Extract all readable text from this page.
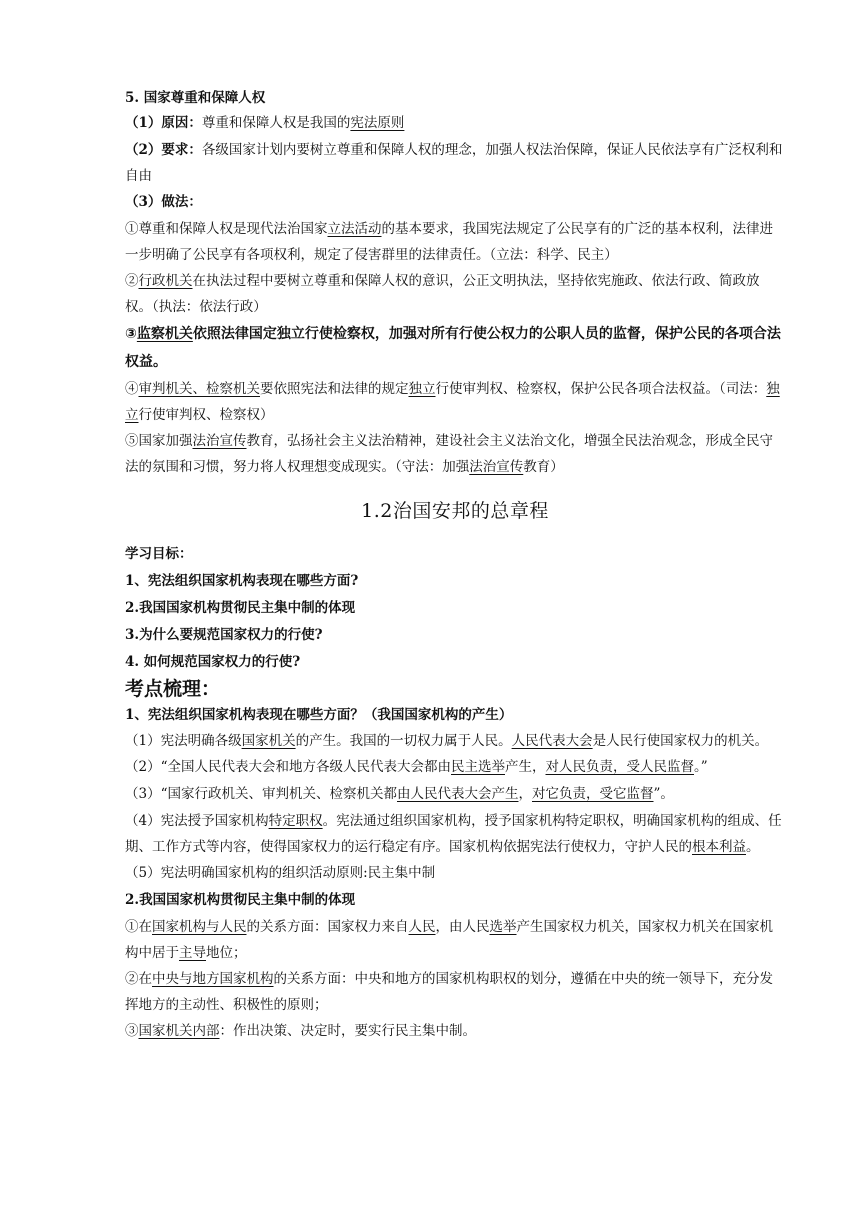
5. 国家尊重和保障人权

（1）原因：尊重和保障人权是我国的宪法原则

（2）要求：各级国家计划内要树立尊重和保障人权的理念，加强人权法治保障，保证人民依法享有广泛权利和自由

（3）做法：

①尊重和保障人权是现代法治国家立法活动的基本要求，我国宪法规定了公民享有的广泛的基本权利，法律进一步明确了公民享有各项权利，规定了侵害群里的法律责任。（立法：科学、民主）

②行政机关在执法过程中要树立尊重和保障人权的意识，公正文明执法，坚持依宪施政、依法行政、简政放权。（执法：依法行政）

③监察机关依照法律国定独立行使检察权，加强对所有行使公权力的公职人员的监督，保护公民的各项合法权益。

④审判机关、检察机关要依照宪法和法律的规定独立行使审判权、检察权，保护公民各项合法权益。（司法：独立行使审判权、检察权）

⑤国家加强法治宣传教育，弘扬社会主义法治精神，建设社会主义法治文化，增强全民法治观念，形成全民守法的氛围和习惯，努力将人权理想变成现实。（守法：加强法治宣传教育）

1.2治国安邦的总章程

学习目标：

1、宪法组织国家机构表现在哪些方面?

2.我国国家机构贯彻民主集中制的体现

3.为什么要规范国家权力的行使?

4. 如何规范国家权力的行使?

考点梳理：

1、宪法组织国家机构表现在哪些方面？（我国国家机构的产生）

（1）宪法明确各级国家机关的产生。我国的一切权力属于人民。人民代表大会是人民行使国家权力的机关。

（2）“全国人民代表大会和地方各级人民代表大会都由民主选举产生，对人民负责，受人民监督。”

（3）“国家行政机关、审判机关、检察机关都由人民代表大会产生，对它负责，受它监督”。

（4）宪法授予国家机构特定职权。宪法通过组织国家机构，授予国家机构特定职权，明确国家机构的组成、任期、工作方式等内容，使得国家权力的运行稳定有序。国家机构依据宪法行使权力，守护人民的根本利益。

（5）宪法明确国家机构的组织活动原则:民主集中制

2.我国国家机构贯彻民主集中制的体现

①在国家机构与人民的关系方面：国家权力来自人民，由人民选举产生国家权力机关，国家权力机关在国家机构中居于主导地位；

②在中央与地方国家机构的关系方面：中央和地方的国家机构职权的划分，遵循在中央的统一领导下，充分发挥地方的主动性、积极性的原则；

③国家机关内部：作出决策、决定时，要实行民主集中制。
